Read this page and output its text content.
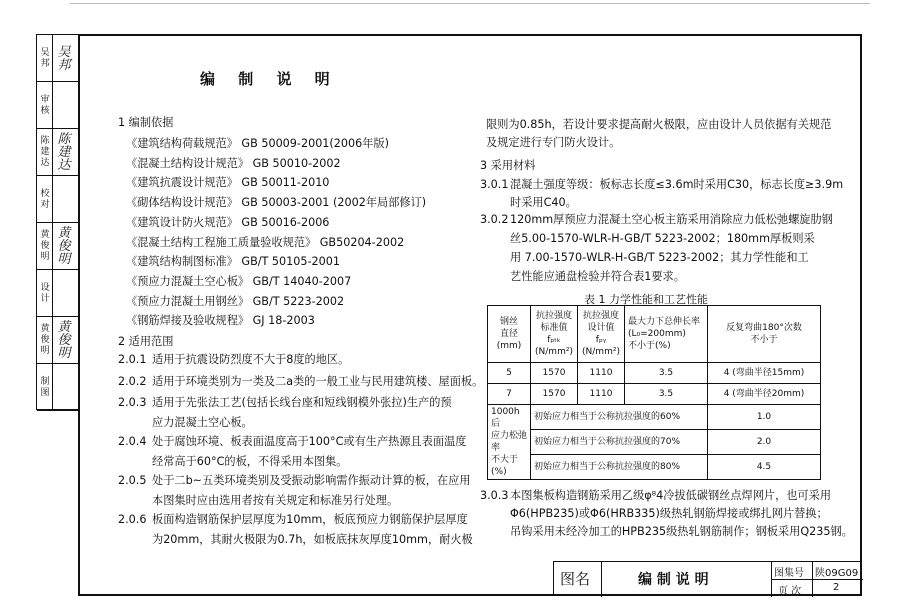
吴邦
吴邦
审核
陈建达
陈建达
校对
黄俊明
黄俊明
设计
黄俊明
黄俊明
制图
编 制 说 明
1 编制依据
《建筑结构荷载规范》 GB 50009-2001(2006年版)
《混凝土结构设计规范》 GB 50010-2002
《建筑抗震设计规范》 GB 50011-2010
《砌体结构设计规范》 GB 50003-2001 (2002年局部修订)
《建筑设计防火规范》 GB 50016-2006
《混凝土结构工程施工质量验收规范》 GB50204-2002
《建筑结构制图标准》 GB/T 50105-2001
《预应力混凝土空心板》 GB/T 14040-2007
《预应力混凝土用钢丝》 GB/T 5223-2002
《钢筋焊接及验收规程》 GJ 18-2003
2 适用范围
2.0.1 适用于抗震设防烈度不大于8度的地区。
2.0.2 适用于环境类别为一类及二a类的一般工业与民用建筑楼、屋面板。
2.0.3 适用于先张法工艺(包括长线台座和短线钢模外张拉)生产的预
应力混凝土空心板。
2.0.4 处于腐蚀环境、板表面温度高于100°C或有生产热源且表面温度
经常高于60°C的板，不得采用本图集。
2.0.5 处于二b~五类环境类别及受振动影响需作振动计算的板，在应用
本图集时应由选用者按有关规定和标准另行处理。
2.0.6 板面构造钢筋保护层厚度为10mm，板底预应力钢筋保护层厚度
为20mm，其耐火极限为0.7h，如板底抹灰厚度10mm，耐火极
限则为0.85h，若设计要求提高耐火极限，应由设计人员依据有关规范
及规定进行专门防火设计。
3 采用材料
3.0.1 混凝土强度等级：板标志长度≤3.6m时采用C30，标志长度≥3.9m
时采用C40。
3.0.2 120mm厚预应力混凝土空心板主筋采用消除应力低松弛螺旋肋钢
丝5.00-1570-WLR-H-GB/T 5223-2002；180mm厚板则采
用 7.00-1570-WLR-H-GB/T 5223-2002；其力学性能和工
艺性能应通盘检验并符合表1要求。
3.0.3 本图集板构造钢筋采用乙级φ⁸4冷拔低碳钢丝点焊网片，也可采用
Φ6(HPB235)或Φ6(HRB335)级热轧钢筋焊接或绑扎网片替换；
吊钩采用未经冷加工的HPB235级热轧钢筋制作；钢板采用Q235钢。
表 1 力学性能和工艺性能
钢丝
直径
(mm)	抗拉强度
标准值 fₚₜₖ
(N/mm²)	抗拉强度
设计值 fₚᵧ
(N/mm²)	最大力下总伸长率
(L₀=200mm)
不小于(%)	反复弯曲180°次数
不小于
5	1570	1110	3.5	4 (弯曲半径15mm)
7	1570	1110	3.5	4 (弯曲半径20mm)
1000h后
应力松弛率
不大于(%)	初始应力相当于公称抗拉强度的60%			1.0
	初始应力相当于公称抗拉强度的70%			2.0
	初始应力相当于公称抗拉强度的80%			4.5
图名	编 制 说 明	图集号 陕09G09
页 次	2
